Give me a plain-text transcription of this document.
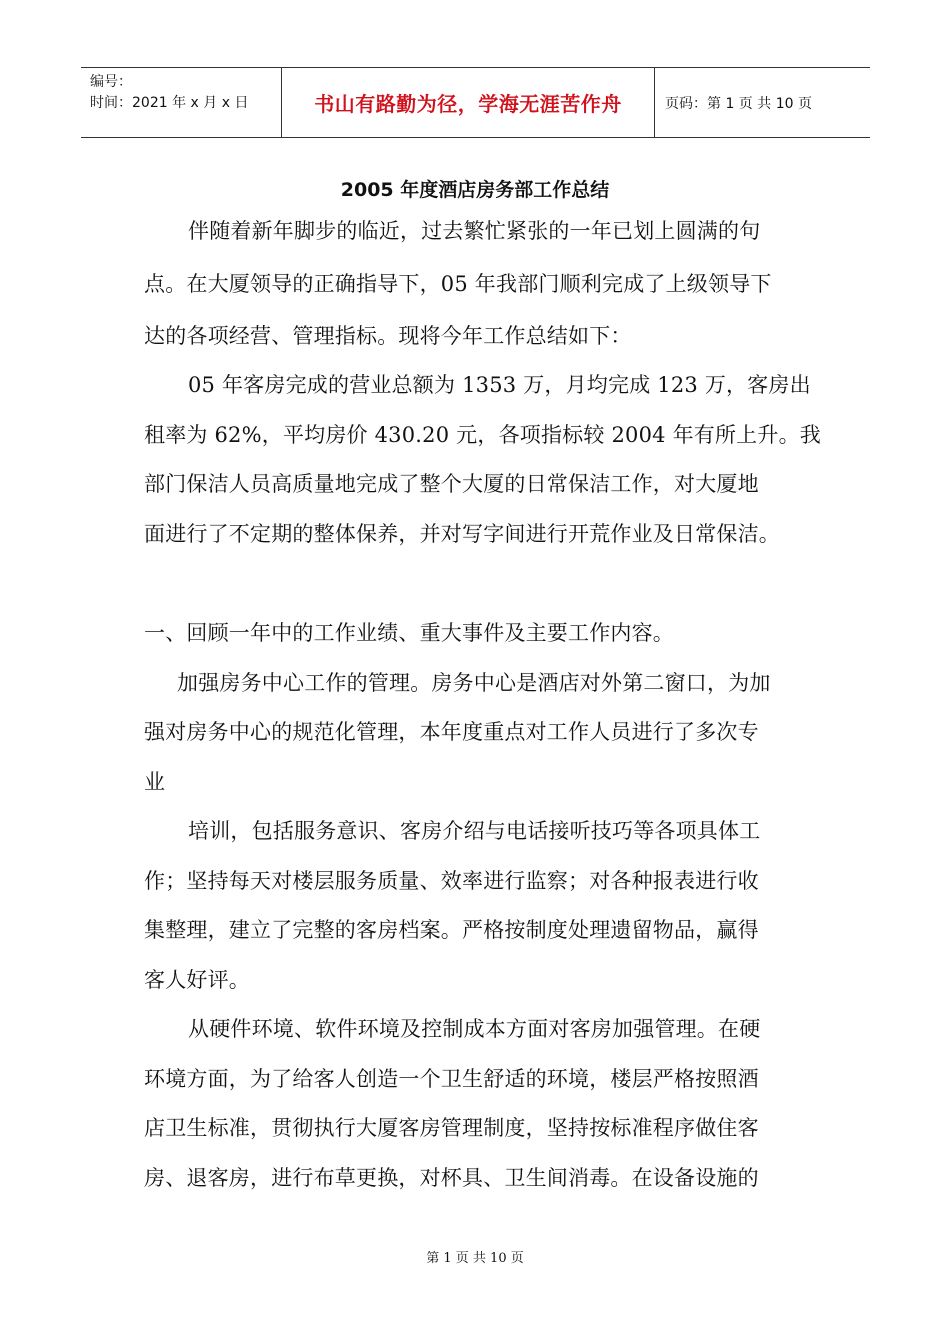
编号：
时间：2021 年 x 月 x 日	书山有路勤为径，学海无涯苦作舟	页码：第 1 页 共 10 页
2005 年度酒店房务部工作总结
伴随着新年脚步的临近，过去繁忙紧张的一年已划上圆满的句
点。在大厦领导的正确指导下，05 年我部门顺利完成了上级领导下
达的各项经营、管理指标。现将今年工作总结如下：
05 年客房完成的营业总额为 1353 万，月均完成 123 万，客房出
租率为 62%，平均房价 430.20 元，各项指标较 2004 年有所上升。我
部门保洁人员高质量地完成了整个大厦的日常保洁工作，对大厦地
面进行了不定期的整体保养，并对写字间进行开荒作业及日常保洁。
一、回顾一年中的工作业绩、重大事件及主要工作内容。
加强房务中心工作的管理。房务中心是酒店对外第二窗口，为加
强对房务中心的规范化管理，本年度重点对工作人员进行了多次专
业
培训，包括服务意识、客房介绍与电话接听技巧等各项具体工
作；坚持每天对楼层服务质量、效率进行监察；对各种报表进行收
集整理，建立了完整的客房档案。严格按制度处理遗留物品，赢得
客人好评。
从硬件环境、软件环境及控制成本方面对客房加强管理。在硬
环境方面，为了给客人创造一个卫生舒适的环境，楼层严格按照酒
店卫生标准，贯彻执行大厦客房管理制度，坚持按标准程序做住客
房、退客房，进行布草更换，对杯具、卫生间消毒。在设备设施的
第 1 页 共 10 页
